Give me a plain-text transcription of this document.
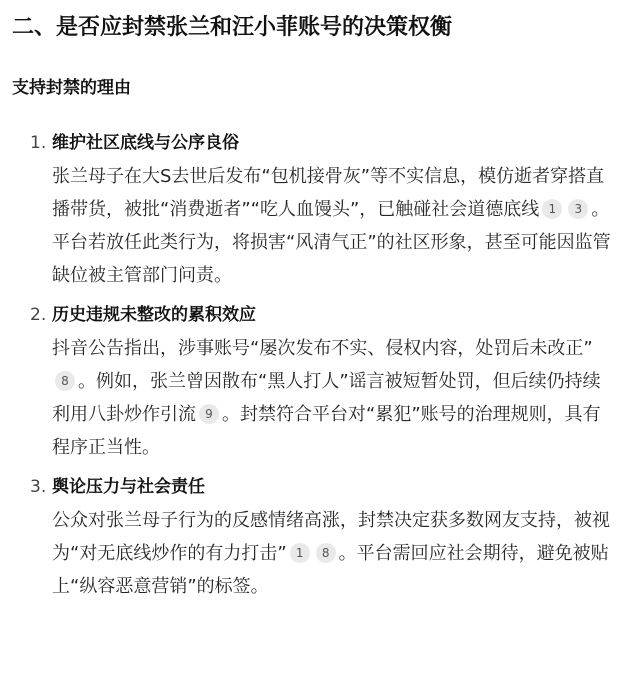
二、是否应封禁张兰和汪小菲账号的决策权衡
支持封禁的理由
1. 维护社区底线与公序良俗
张兰母子在大S去世后发布“包机接骨灰”等不实信息，模仿逝者穿搭直播带货，被批“消费逝者”“吃人血馒头”，已触碰社会道德底线 1 3 。平台若放任此类行为，将损害“风清气正”的社区形象，甚至可能因监管缺位被主管部门问责。
2. 历史违规未整改的累积效应
抖音公告指出，涉事账号“屡次发布不实、侵权内容，处罚后未改正”8 。例如，张兰曾因散布“黑人打人”谣言被短暂处罚，但后续仍持续利用八卦炒作引流 9 。封禁符合平台对“累犯”账号的治理规则，具有程序正当性。
3. 舆论压力与社会责任
公众对张兰母子行为的反感情绪高涨，封禁决定获多数网友支持，被视为“对无底线炒作的有力打击” 1 8 。平台需回应社会期待，避免被贴上“纵容恶意营销”的标签。
